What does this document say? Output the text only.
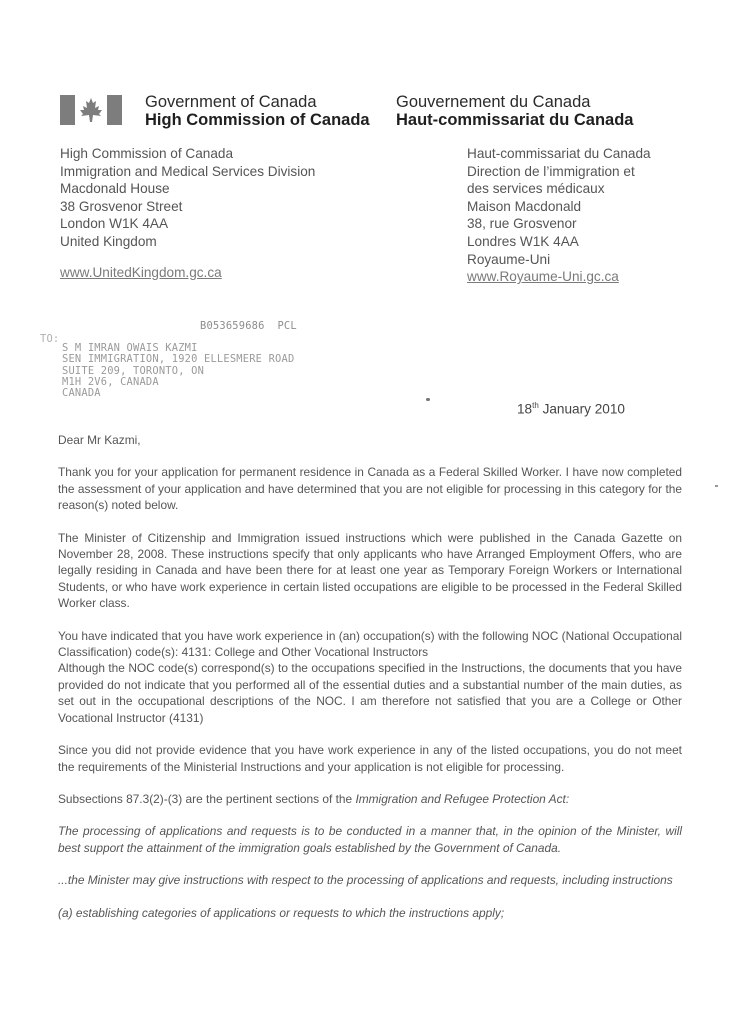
Government of Canada
High Commission of Canada
Gouvernement du Canada
Haut-commissariat du Canada
High Commission of Canada
Immigration and Medical Services Division
Macdonald House
38 Grosvenor Street
London W1K 4AA
United Kingdom
www.UnitedKingdom.gc.ca
Haut-commissariat du Canada
Direction de l’immigration et
des services médicaux
Maison Macdonald
38, rue Grosvenor
Londres W1K 4AA
Royaume-Uni
www.Royaume-Uni.gc.ca
B053659686  PCL
TO:
S M IMRAN OWAIS KAZMI
SEN IMMIGRATION, 1920 ELLESMERE ROAD
SUITE 209, TORONTO, ON
M1H 2V6, CANADA
CANADA
18th January 2010

Dear Mr Kazmi,

Thank you for your application for permanent residence in Canada as a Federal Skilled Worker. I have now completed the assessment of your application and have determined that you are not eligible for processing in this category for the reason(s) noted below.

The Minister of Citizenship and Immigration issued instructions which were published in the Canada Gazette on November 28, 2008. These instructions specify that only applicants who have Arranged Employment Offers, who are legally residing in Canada and have been there for at least one year as Temporary Foreign Workers or International Students, or who have work experience in certain listed occupations are eligible to be processed in the Federal Skilled Worker class.

You have indicated that you have work experience in (an) occupation(s) with the following NOC (National Occupational Classification) code(s): 4131: College and Other Vocational Instructors
Although the NOC code(s) correspond(s) to the occupations specified in the Instructions, the documents that you have provided do not indicate that you performed all of the essential duties and a substantial number of the main duties, as set out in the occupational descriptions of the NOC. I am therefore not satisfied that you are a College or Other Vocational Instructor (4131)

Since you did not provide evidence that you have work experience in any of the listed occupations, you do not meet the requirements of the Ministerial Instructions and your application is not eligible for processing.

Subsections 87.3(2)-(3) are the pertinent sections of the Immigration and Refugee Protection Act:

The processing of applications and requests is to be conducted in a manner that, in the opinion of the Minister, will best support the attainment of the immigration goals established by the Government of Canada.

...the Minister may give instructions with respect to the processing of applications and requests, including instructions

(a) establishing categories of applications or requests to which the instructions apply;
